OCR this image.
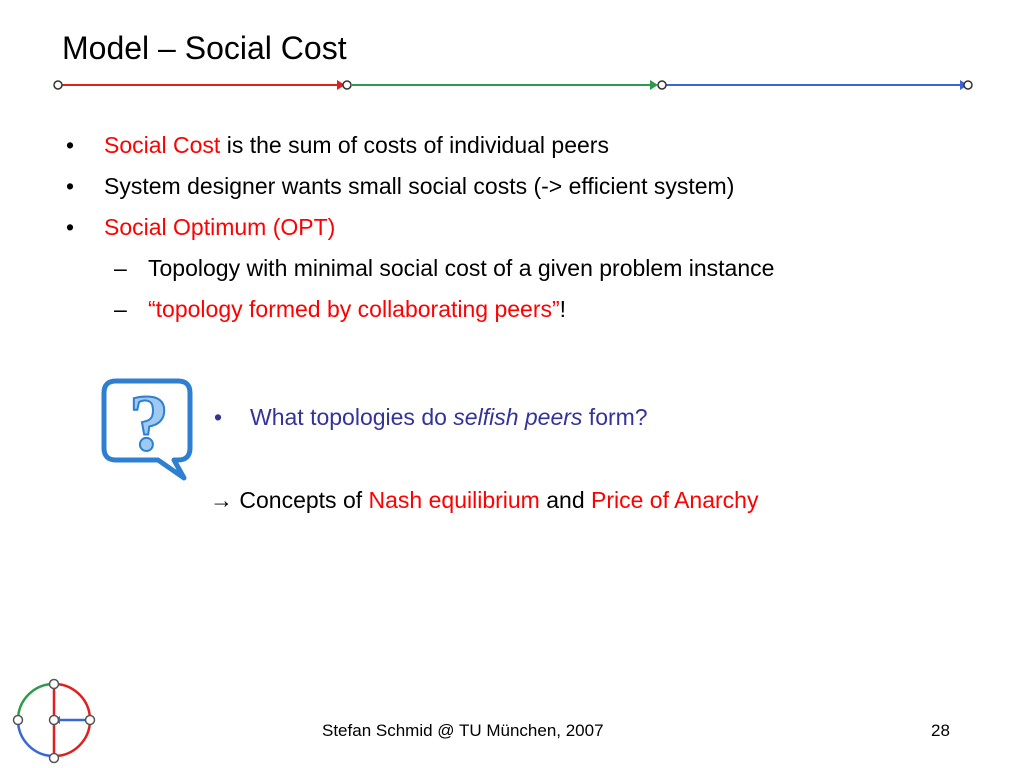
Model – Social Cost
• Social Cost is the sum of costs of individual peers
• System designer wants small social costs (-> efficient system)
• Social Optimum (OPT)
– Topology with minimal social cost of a given problem instance
– “topology formed by collaborating peers”!
? • What topologies do selfish peers form?
→ Concepts of Nash equilibrium and Price of Anarchy
Stefan Schmid @ TU München, 2007	28
